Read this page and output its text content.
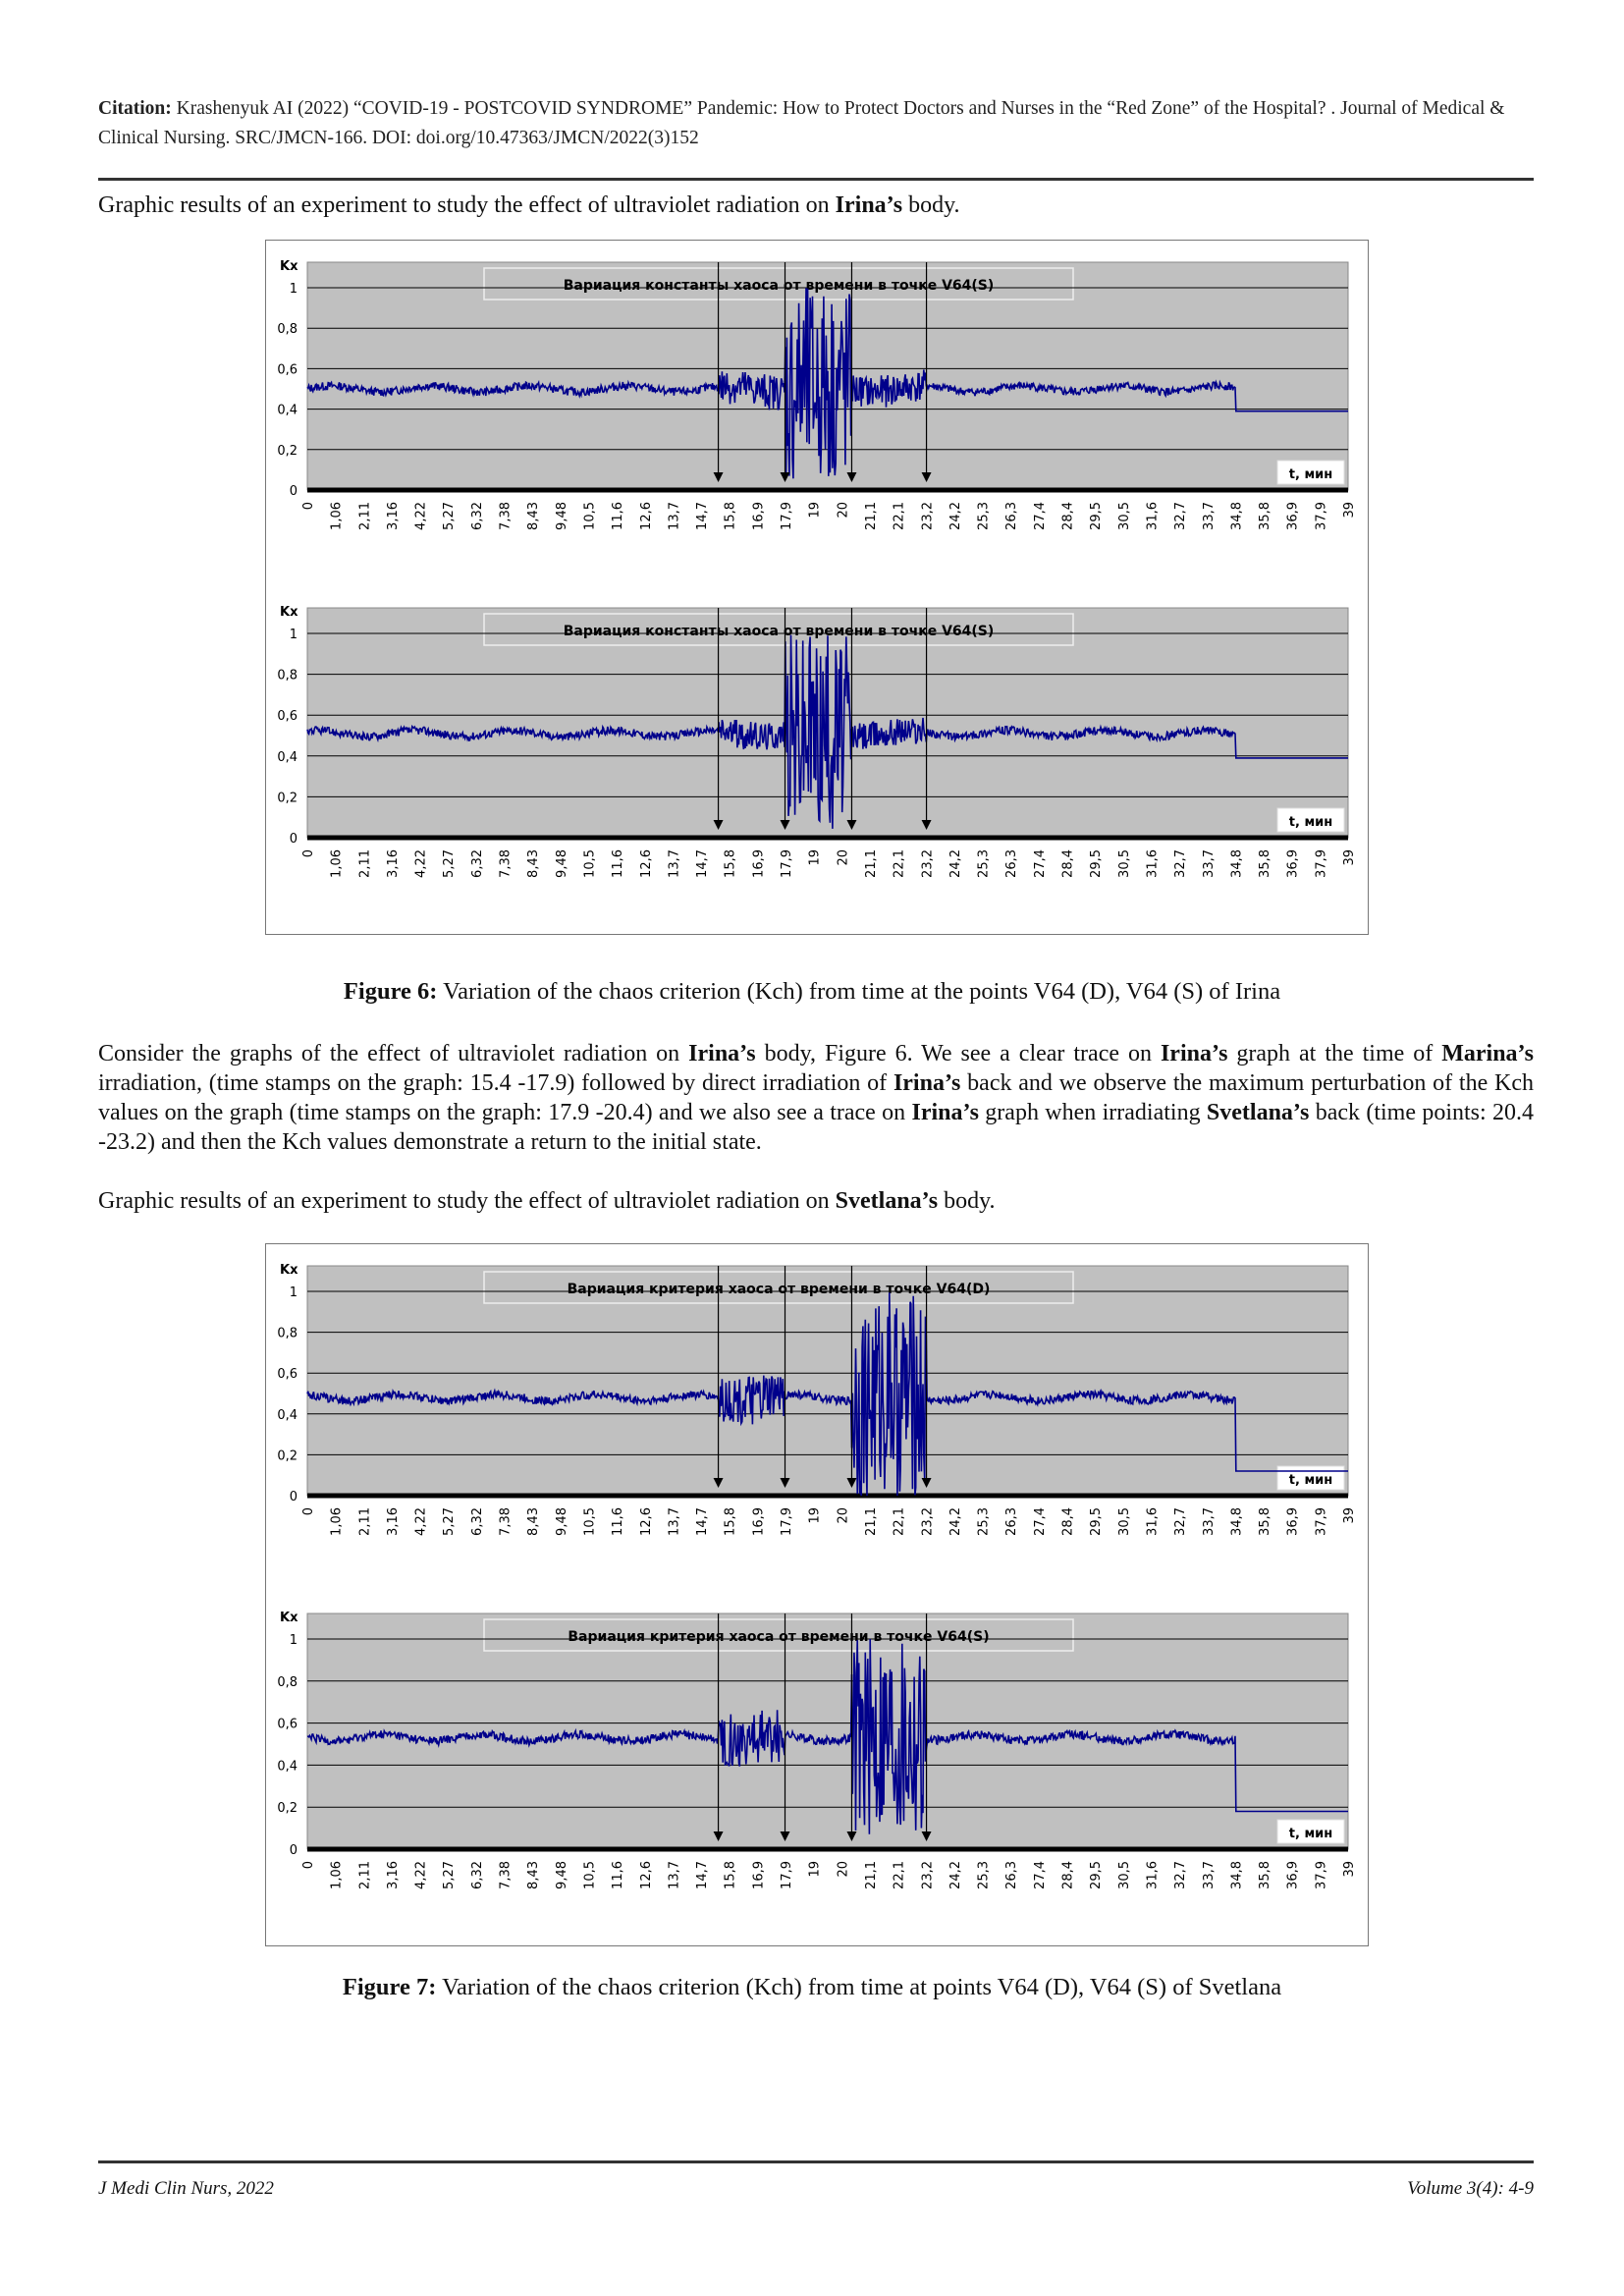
Citation: Krashenyuk AI (2022) “COVID-19 - POSTCOVID SYNDROME” Pandemic: How to Protect Doctors and Nurses in the “Red Zone” of the Hospital? . Journal of Medical & Clinical Nursing. SRC/JMCN-166. DOI: doi.org/10.47363/JMCN/2022(3)152
Graphic results of an experiment to study the effect of ultraviolet radiation on Irina’s body.
Вариация константы хаоса от времени в точке V64(S)
0
0,2
0,4
0,6
0,8
1
Kх
t, мин
0 1,06 2,11 3,16 4,22 5,27 6,32 7,38 8,43 9,48 10,5 11,6 12,6 13,7 14,7 15,8 16,9 17,9 19 20 21,1 22,1 23,2 24,2 25,3 26,3 27,4 28,4 29,5 30,5 31,6 32,7 33,7 34,8 35,8 36,9 37,9 39
Вариация константы хаоса от времени в точке V64(S)
0
0,2
0,4
0,6
0,8
1
Kх
t, мин
0 1,06 2,11 3,16 4,22 5,27 6,32 7,38 8,43 9,48 10,5 11,6 12,6 13,7 14,7 15,8 16,9 17,9 19 20 21,1 22,1 23,2 24,2 25,3 26,3 27,4 28,4 29,5 30,5 31,6 32,7 33,7 34,8 35,8 36,9 37,9 39
Figure 6: Variation of the chaos criterion (Kch) from time at the points V64 (D), V64 (S) of Irina
Consider the graphs of the effect of ultraviolet radiation on Irina’s body, Figure 6. We see a clear trace on Irina’s graph at the time of Marina’s irradiation, (time stamps on the graph: 15.4 -17.9) followed by direct irradiation of Irina’s back and we observe the maximum perturbation of the Kch values on the graph (time stamps on the graph: 17.9 -20.4) and we also see a trace on Irina’s graph when irradiating Svetlana’s back (time points: 20.4 -23.2) and then the Kch values demonstrate a return to the initial state.
Graphic results of an experiment to study the effect of ultraviolet radiation on Svetlana’s body.
Вариация критерия хаоса от времени в точке V64(D)
0
0,2
0,4
0,6
0,8
1
Kх
t, мин
0 1,06 2,11 3,16 4,22 5,27 6,32 7,38 8,43 9,48 10,5 11,6 12,6 13,7 14,7 15,8 16,9 17,9 19 20 21,1 22,1 23,2 24,2 25,3 26,3 27,4 28,4 29,5 30,5 31,6 32,7 33,7 34,8 35,8 36,9 37,9 39
Вариация критерия хаоса от времени в точке V64(S)
0
0,2
0,4
0,6
0,8
1
Kх
t, мин
0 1,06 2,11 3,16 4,22 5,27 6,32 7,38 8,43 9,48 10,5 11,6 12,6 13,7 14,7 15,8 16,9 17,9 19 20 21,1 22,1 23,2 24,2 25,3 26,3 27,4 28,4 29,5 30,5 31,6 32,7 33,7 34,8 35,8 36,9 37,9 39
Figure 7: Variation of the chaos criterion (Kch) from time at points V64 (D), V64 (S) of Svetlana
J Medi Clin Nurs, 2022	Volume 3(4): 4-9
